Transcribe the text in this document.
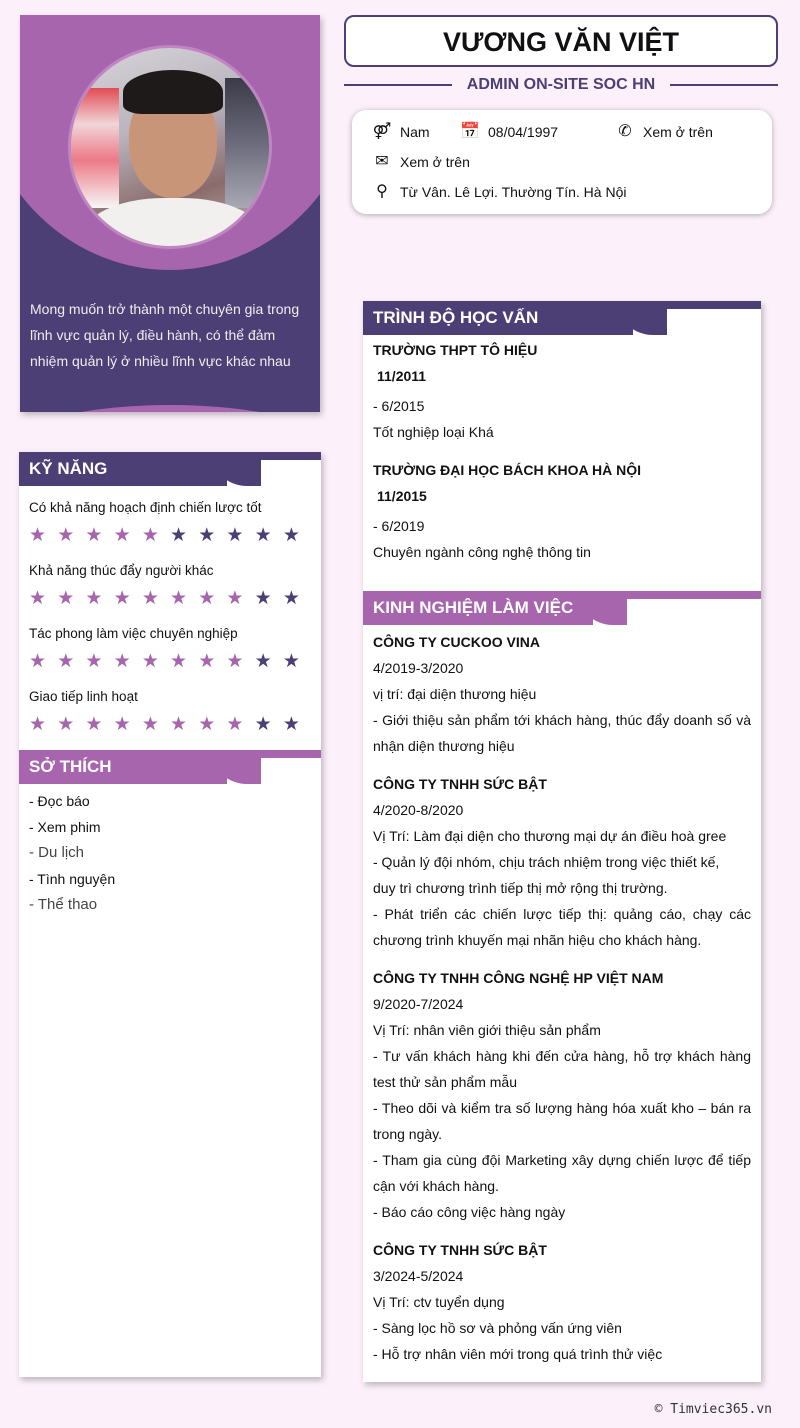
Mong muốn trở thành một chuyên gia trong lĩnh vực quản lý, điều hành, có thể đảm nhiệm quản lý ở nhiều lĩnh vực khác nhau
KỸ NĂNG
Có khả năng hoạch định chiến lược tốt
★ ★ ★ ★ ★ ★ ★ ★ ★ ★
Khả năng thúc đẩy người khác
★ ★ ★ ★ ★ ★ ★ ★ ★ ★
Tác phong làm việc chuyên nghiệp
★ ★ ★ ★ ★ ★ ★ ★ ★ ★
Giao tiếp linh hoạt
★ ★ ★ ★ ★ ★ ★ ★ ★ ★
SỞ THÍCH
- Đọc báo
- Xem phim
- Du lịch
- Tình nguyện
- Thể thao
VƯƠNG VĂN VIỆT
ADMIN ON-SITE SOC HN
⚤ Nam 📅 08/04/1997	✆ Xem ở trên
✉ Xem ở trên
⚲ Từ Vân. Lê Lợi. Thường Tín. Hà Nội
TRÌNH ĐỘ HỌC VẤN
TRƯỜNG THPT TÔ HIỆU
11/2011
- 6/2015
Tốt nghiệp loại Khá
TRƯỜNG ĐẠI HỌC BÁCH KHOA HÀ NỘI
11/2015
- 6/2019
Chuyên ngành công nghệ thông tin
KINH NGHIỆM LÀM VIỆC
CÔNG TY CUCKOO VINA
4/2019-3/2020
vị trí: đại diện thương hiệu
- Giới thiệu sản phẩm tới khách hàng, thúc đẩy doanh số và nhận diện thương hiệu
CÔNG TY TNHH SỨC BẬT
4/2020-8/2020
Vị Trí: Làm đại diện cho thương mại dự án điều hoà gree
- Quản lý đội nhóm, chịu trách nhiệm trong việc thiết kế,
duy trì chương trình tiếp thị mở rộng thị trường.
- Phát triển các chiến lược tiếp thị: quảng cáo, chạy các chương trình khuyến mại nhãn hiệu cho khách hàng.
CÔNG TY TNHH CÔNG NGHỆ HP VIỆT NAM
9/2020-7/2024
Vị Trí: nhân viên giới thiệu sản phẩm
- Tư vấn khách hàng khi đến cửa hàng, hỗ trợ khách hàng test thử sản phẩm mẫu
- Theo dõi và kiểm tra số lượng hàng hóa xuất kho – bán ra trong ngày.
- Tham gia cùng đội Marketing xây dựng chiến lược để tiếp cận với khách hàng.
- Báo cáo công việc hàng ngày
CÔNG TY TNHH SỨC BẬT
3/2024-5/2024
Vị Trí: ctv tuyển dụng
- Sàng lọc hồ sơ và phỏng vấn ứng viên
- Hỗ trợ nhân viên mới trong quá trình thử việc
© Timviec365.vn
